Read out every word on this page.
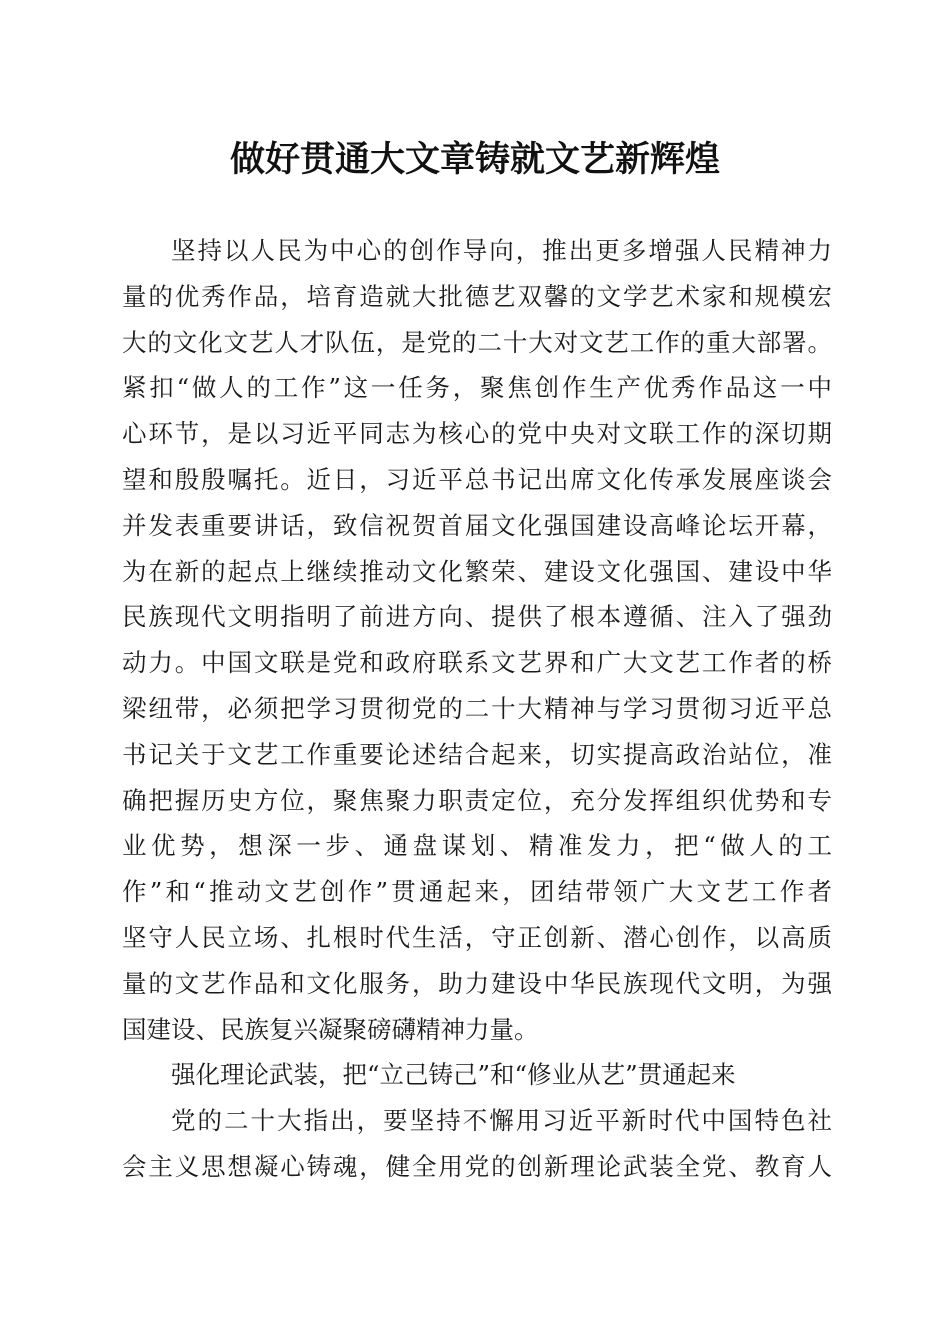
做好贯通大文章铸就文艺新辉煌
坚持以人民为中心的创作导向，推出更多增强人民精神力
量的优秀作品，培育造就大批德艺双馨的文学艺术家和规模宏
大的文化文艺人才队伍，是党的二十大对文艺工作的重大部署。
紧扣“做人的工作”这一任务，聚焦创作生产优秀作品这一中
心环节，是以习近平同志为核心的党中央对文联工作的深切期
望和殷殷嘱托。近日，习近平总书记出席文化传承发展座谈会
并发表重要讲话，致信祝贺首届文化强国建设高峰论坛开幕，
为在新的起点上继续推动文化繁荣、建设文化强国、建设中华
民族现代文明指明了前进方向、提供了根本遵循、注入了强劲
动力。中国文联是党和政府联系文艺界和广大文艺工作者的桥
梁纽带，必须把学习贯彻党的二十大精神与学习贯彻习近平总
书记关于文艺工作重要论述结合起来，切实提高政治站位，准
确把握历史方位，聚焦聚力职责定位，充分发挥组织优势和专
业优势，想深一步、通盘谋划、精准发力，把“做人的工
作”和“推动文艺创作”贯通起来，团结带领广大文艺工作者
坚守人民立场、扎根时代生活，守正创新、潜心创作，以高质
量的文艺作品和文化服务，助力建设中华民族现代文明，为强
国建设、民族复兴凝聚磅礴精神力量。
强化理论武装，把“立己铸己”和“修业从艺”贯通起来
党的二十大指出，要坚持不懈用习近平新时代中国特色社
会主义思想凝心铸魂，健全用党的创新理论武装全党、教育人
